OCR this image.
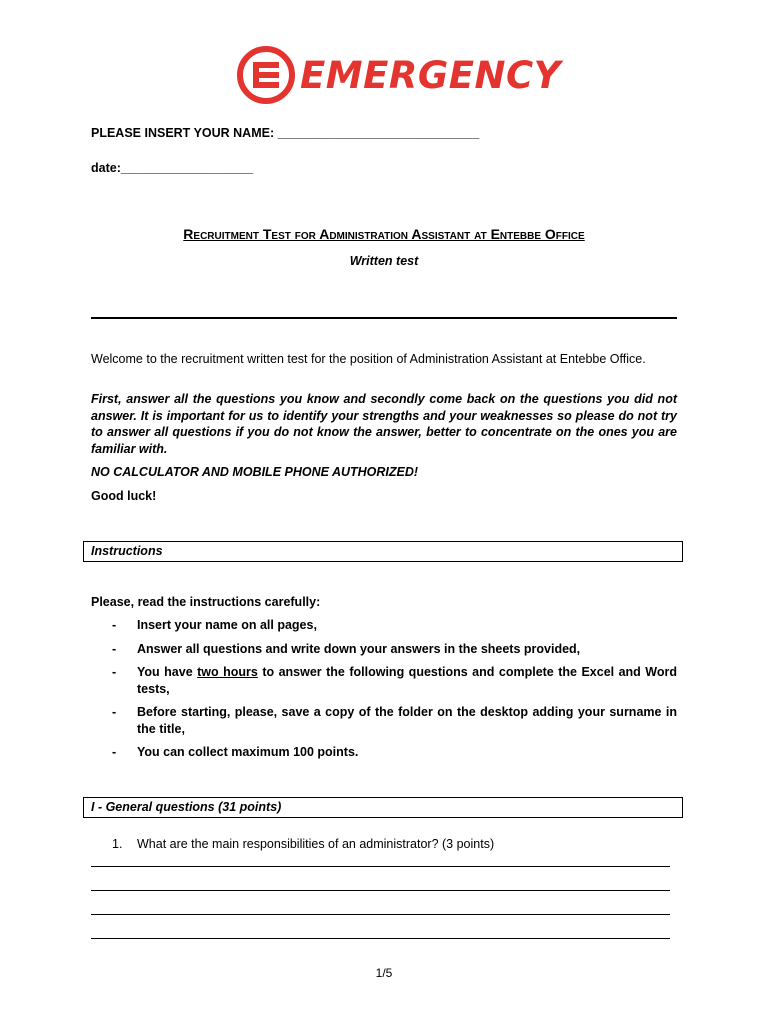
EMERGENCY
PLEASE INSERT YOUR NAME: _____________________________
date:___________________
Recruitment Test for Administration Assistant at Entebbe Office
Written test
Welcome to the recruitment written test for the position of Administration Assistant at Entebbe Office.
First, answer all the questions you know and secondly come back on the questions you did not answer. It is important for us to identify your strengths and your weaknesses so please do not try to answer all questions if you do not know the answer, better to concentrate on the ones you are familiar with.
NO CALCULATOR AND MOBILE PHONE AUTHORIZED!
Good luck!
Instructions
Please, read the instructions carefully:
- Insert your name on all pages,
- Answer all questions and write down your answers in the sheets provided,
- You have two hours to answer the following questions and complete the Excel and Word tests,
- Before starting, please, save a copy of the folder on the desktop adding your surname in the title,
- You can collect maximum 100 points.
I - General questions (31 points)
1.	What are the main responsibilities of an administrator? (3 points)
1/5
